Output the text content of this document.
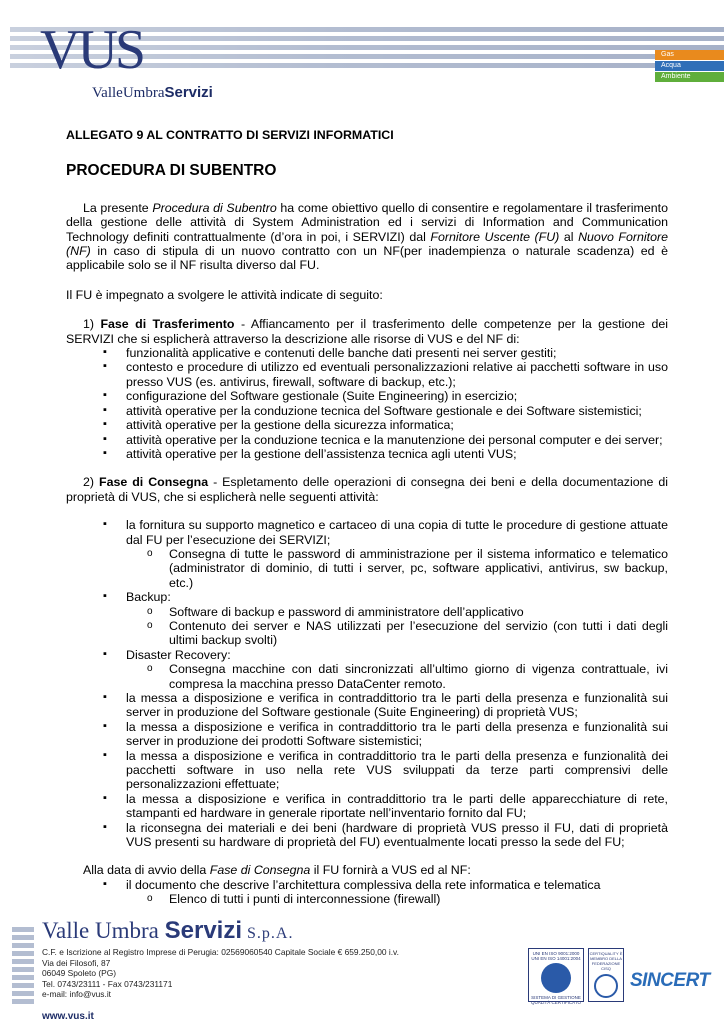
VUS
ValleUmbraServizi
Gas
Acqua
Ambiente
ALLEGATO 9 AL CONTRATTO DI SERVIZI INFORMATICI
PROCEDURA DI SUBENTRO

La presente Procedura di Subentro ha come obiettivo quello di consentire e regolamentare il trasferimento della gestione delle attività di System Administration ed i servizi di Information and Communication Technology definiti contrattualmente (d’ora in poi, i SERVIZI) dal Fornitore Uscente (FU) al Nuovo Fornitore (NF) in caso di stipula di un nuovo contratto con un NF(per inadempienza o naturale scadenza) ed è applicabile solo se il NF risulta diverso dal FU.

Il FU è impegnato a svolgere le attività indicate di seguito:

1) Fase di Trasferimento - Affiancamento per il trasferimento delle competenze per la gestione dei SERVIZI che si esplicherà attraverso la descrizione alle risorse di VUS e del NF di:

▪ funzionalità applicative e contenuti delle banche dati presenti nei server gestiti;
▪ contesto e procedure di utilizzo ed eventuali personalizzazioni relative ai pacchetti software in uso presso VUS (es. antivirus, firewall, software di backup, etc.);
▪ configurazione del Software gestionale (Suite Engineering) in esercizio;
▪ attività operative per la conduzione tecnica del Software gestionale e dei Software sistemistici;
▪ attività operative per la gestione della sicurezza informatica;
▪ attività operative per la conduzione tecnica e la manutenzione dei personal computer e dei server;
▪ attività operative per la gestione dell’assistenza tecnica agli utenti VUS;

2) Fase di Consegna - Espletamento delle operazioni di consegna dei beni e della documentazione di proprietà di VUS, che si esplicherà nelle seguenti attività:

▪ la fornitura su supporto magnetico e cartaceo di una copia di tutte le procedure di gestione attuate dal FU per l’esecuzione dei SERVIZI;
o Consegna di tutte le password di amministrazione per il sistema informatico e telematico (administrator di dominio, di tutti i server, pc, software applicativi, antivirus, sw backup, etc.)
▪ Backup:
o Software di backup e password di amministratore dell’applicativo
o Contenuto dei server e NAS utilizzati per l’esecuzione del servizio (con tutti i dati degli ultimi backup svolti)
▪ Disaster Recovery:
o Consegna macchine con dati sincronizzati all’ultimo giorno di vigenza contrattuale, ivi compresa la macchina presso DataCenter remoto.
▪ la messa a disposizione e verifica in contraddittorio tra le parti della presenza e funzionalità sui server in produzione del Software gestionale (Suite Engineering) di proprietà VUS;
▪ la messa a disposizione e verifica in contraddittorio tra le parti della presenza e funzionalità sui server in produzione dei prodotti Software sistemistici;
▪ la messa a disposizione e verifica in contraddittorio tra le parti della presenza e funzionalità dei pacchetti software in uso nella rete VUS sviluppati da terze parti comprensivi delle personalizzazioni effettuate;
▪ la messa a disposizione e verifica in contraddittorio tra le parti delle apparecchiature di rete, stampanti ed hardware in generale riportate nell’inventario fornito dal FU;
▪ la riconsegna dei materiali e dei beni (hardware di proprietà VUS presso il FU, dati di proprietà VUS presenti su hardware di proprietà del FU) eventualmente locati presso la sede del FU;

Alla data di avvio della Fase di Consegna il FU fornirà a VUS ed al NF:

▪ il documento che descrive l’architettura complessiva della rete informatica e telematica
o Elenco di tutti i punti di interconnessione (firewall)
Valle Umbra Servizi S.p.A.
C.F. e Iscrizione al Registro Imprese di Perugia: 02569060540 Capitale Sociale € 659.250,00 i.v.
Via dei Filosofi, 87
06049 Spoleto (PG)
Tel. 0743/23111 - Fax 0743/231171
e-mail: info@vus.it
www.vus.it
UNI EN ISO 9001:2000 UNI EN ISO 14001:2004
SISTEMA DI GESTIONE QUALITÀ CERTIFICATO
CERTIQUALITY È MEMBRO DELLA FEDERAZIONE CISQ
SINCERT
